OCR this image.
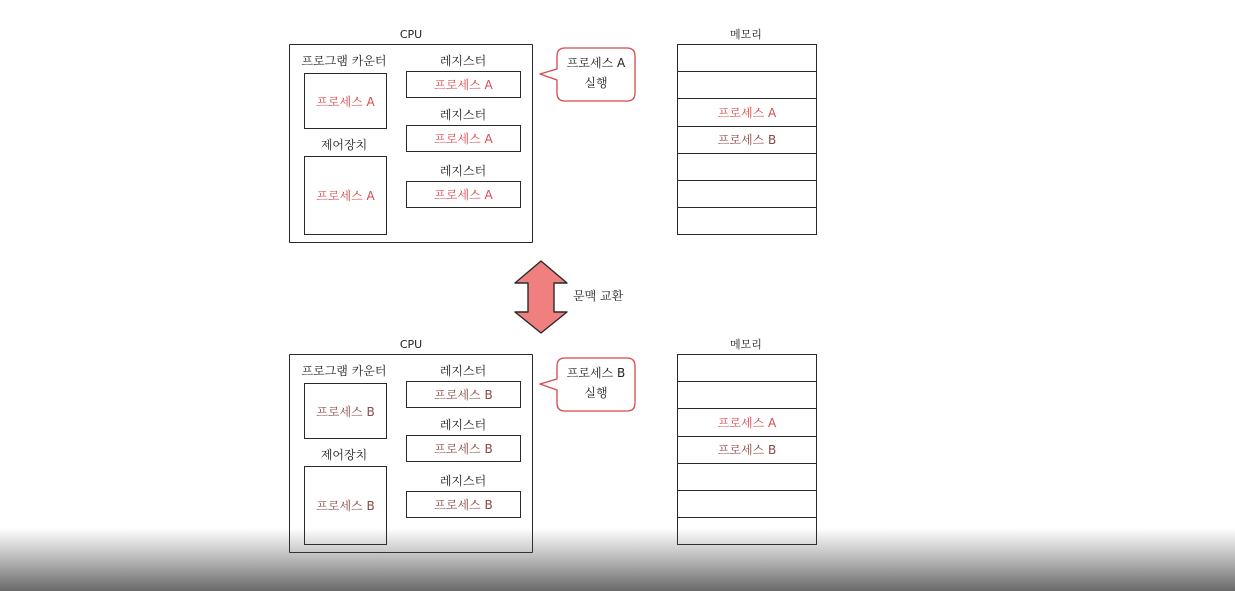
CPU
프로그램 카운터
프로세스 A
제어장치
프로세스 A
레지스터
프로세스 A
레지스터
프로세스 A
레지스터
프로세스 A
프로세스 A
실행
메모리
프로세스 A
프로세스 B
문맥 교환
CPU
프로그램 카운터
프로세스 B
제어장치
프로세스 B
레지스터
프로세스 B
레지스터
프로세스 B
레지스터
프로세스 B
프로세스 B
실행
메모리
프로세스 A
프로세스 B
